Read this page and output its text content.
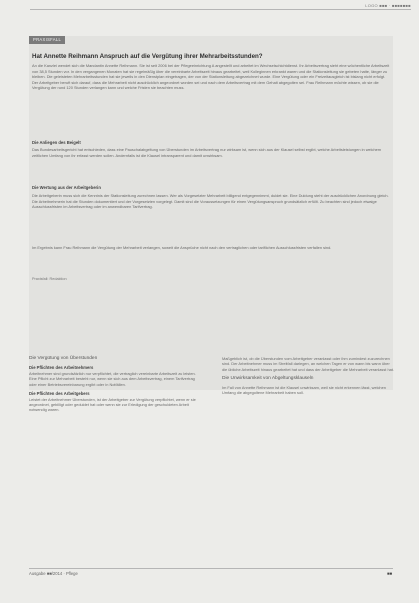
LOGO ■■■ · ■■■■■■■
PRAXISFALL
Hat Annette Reihmann Anspruch auf die Vergütung ihrer Mehrarbeitsstunden?
An die Kanzlei wendet sich die Mandantin Annette Reihmann. Sie ist seit 2006 bei der Pflegeeinrichtung A angestellt und arbeitet im Wechselschichtdienst. Ihr Arbeitsvertrag sieht eine wöchentliche Arbeitszeit von 38,5 Stunden vor. In den vergangenen Monaten hat sie regelmäßig über die vereinbarte Arbeitszeit hinaus gearbeitet, weil Kolleginnen erkrankt waren und die Stationsleitung sie gebeten hatte, länger zu bleiben. Die geleisteten Mehrarbeitsstunden hat sie jeweils in den Dienstplan eingetragen, der von der Stationsleitung abgezeichnet wurde. Eine Vergütung oder ein Freizeitausgleich ist bislang nicht erfolgt. Der Arbeitgeber beruft sich darauf, dass die Mehrarbeit nicht ausdrücklich angeordnet worden sei und nach dem Arbeitsvertrag mit dem Gehalt abgegolten sei. Frau Reihmann möchte wissen, ob sie die Vergütung der rund 120 Stunden verlangen kann und welche Fristen sie beachten muss.
Die Anliegen des Beigelt
Das Bundesarbeitsgericht hat entschieden, dass eine Pauschalabgeltung von Überstunden im Arbeitsvertrag nur wirksam ist, wenn sich aus der Klausel selbst ergibt, welche Arbeitsleistungen in welchem zeitlichen Umfang von ihr erfasst werden sollen. Andernfalls ist die Klausel intransparent und damit unwirksam.
Die Wertung aus der Arbeitgeberin
Die Arbeitgeberin muss sich die Kenntnis der Stationsleitung zurechnen lassen. Wer als Vorgesetzter Mehrarbeit billigend entgegennimmt, duldet sie. Eine Duldung steht der ausdrücklichen Anordnung gleich. Die Arbeitnehmerin hat die Stunden dokumentiert und der Vorgesetzten vorgelegt. Damit sind die Voraussetzungen für einen Vergütungsanspruch grundsätzlich erfüllt. Zu beachten sind jedoch etwaige Ausschlussfristen im Arbeitsvertrag oder im anwendbaren Tarifvertrag.
Im Ergebnis kann Frau Reihmann die Vergütung der Mehrarbeit verlangen, soweit die Ansprüche nicht nach den vertraglichen oder tariflichen Ausschlussfristen verfallen sind.
Praxisfall: Redaktion
Die Vergütung von Überstunden
Die Pflichten des Arbeitnehmers
Arbeitnehmer sind grundsätzlich nur verpflichtet, die vertraglich vereinbarte Arbeitszeit zu leisten. Eine Pflicht zur Mehrarbeit besteht nur, wenn sie sich aus dem Arbeitsvertrag, einem Tarifvertrag oder einer Betriebsvereinbarung ergibt oder in Notfällen.
Die Pflichten des Arbeitgebers
Leistet der Arbeitnehmer Überstunden, ist der Arbeitgeber zur Vergütung verpflichtet, wenn er sie angeordnet, gebilligt oder geduldet hat oder wenn sie zur Erledigung der geschuldeten Arbeit notwendig waren.
Maßgeblich ist, ob die Überstunden vom Arbeitgeber veranlasst oder ihm zumindest zuzurechnen sind. Der Arbeitnehmer muss im Streitfall darlegen, an welchen Tagen er von wann bis wann über die übliche Arbeitszeit hinaus gearbeitet hat und dass der Arbeitgeber die Mehrarbeit veranlasst hat.
Die Unwirksamkeit von Abgeltungsklauseln
Im Fall von Annette Reihmann ist die Klausel unwirksam, weil sie nicht erkennen lässt, welchen Umfang die abgegoltene Mehrarbeit haben soll.
Ausgabe ■■/2014 · Pflege	■■
